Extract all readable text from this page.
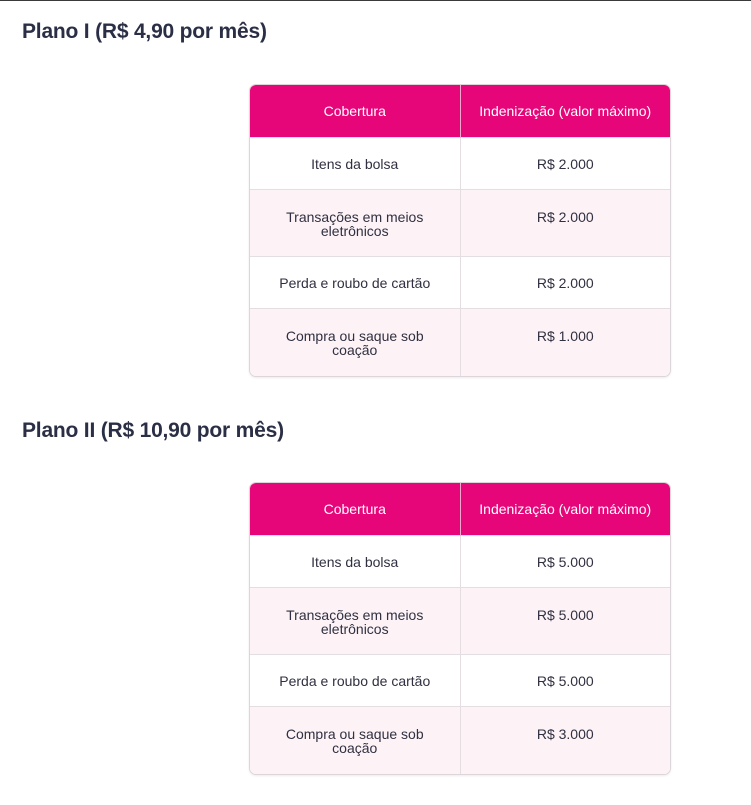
Plano I (R$ 4,90 por mês)
Cobertura	Indenização (valor máximo)
Itens da bolsa	R$ 2.000
Transações em meios eletrônicos	R$ 2.000
Perda e roubo de cartão	R$ 2.000
Compra ou saque sob coação	R$ 1.000
Plano II (R$ 10,90 por mês)
Cobertura	Indenização (valor máximo)
Itens da bolsa	R$ 5.000
Transações em meios eletrônicos	R$ 5.000
Perda e roubo de cartão	R$ 5.000
Compra ou saque sob coação	R$ 3.000
